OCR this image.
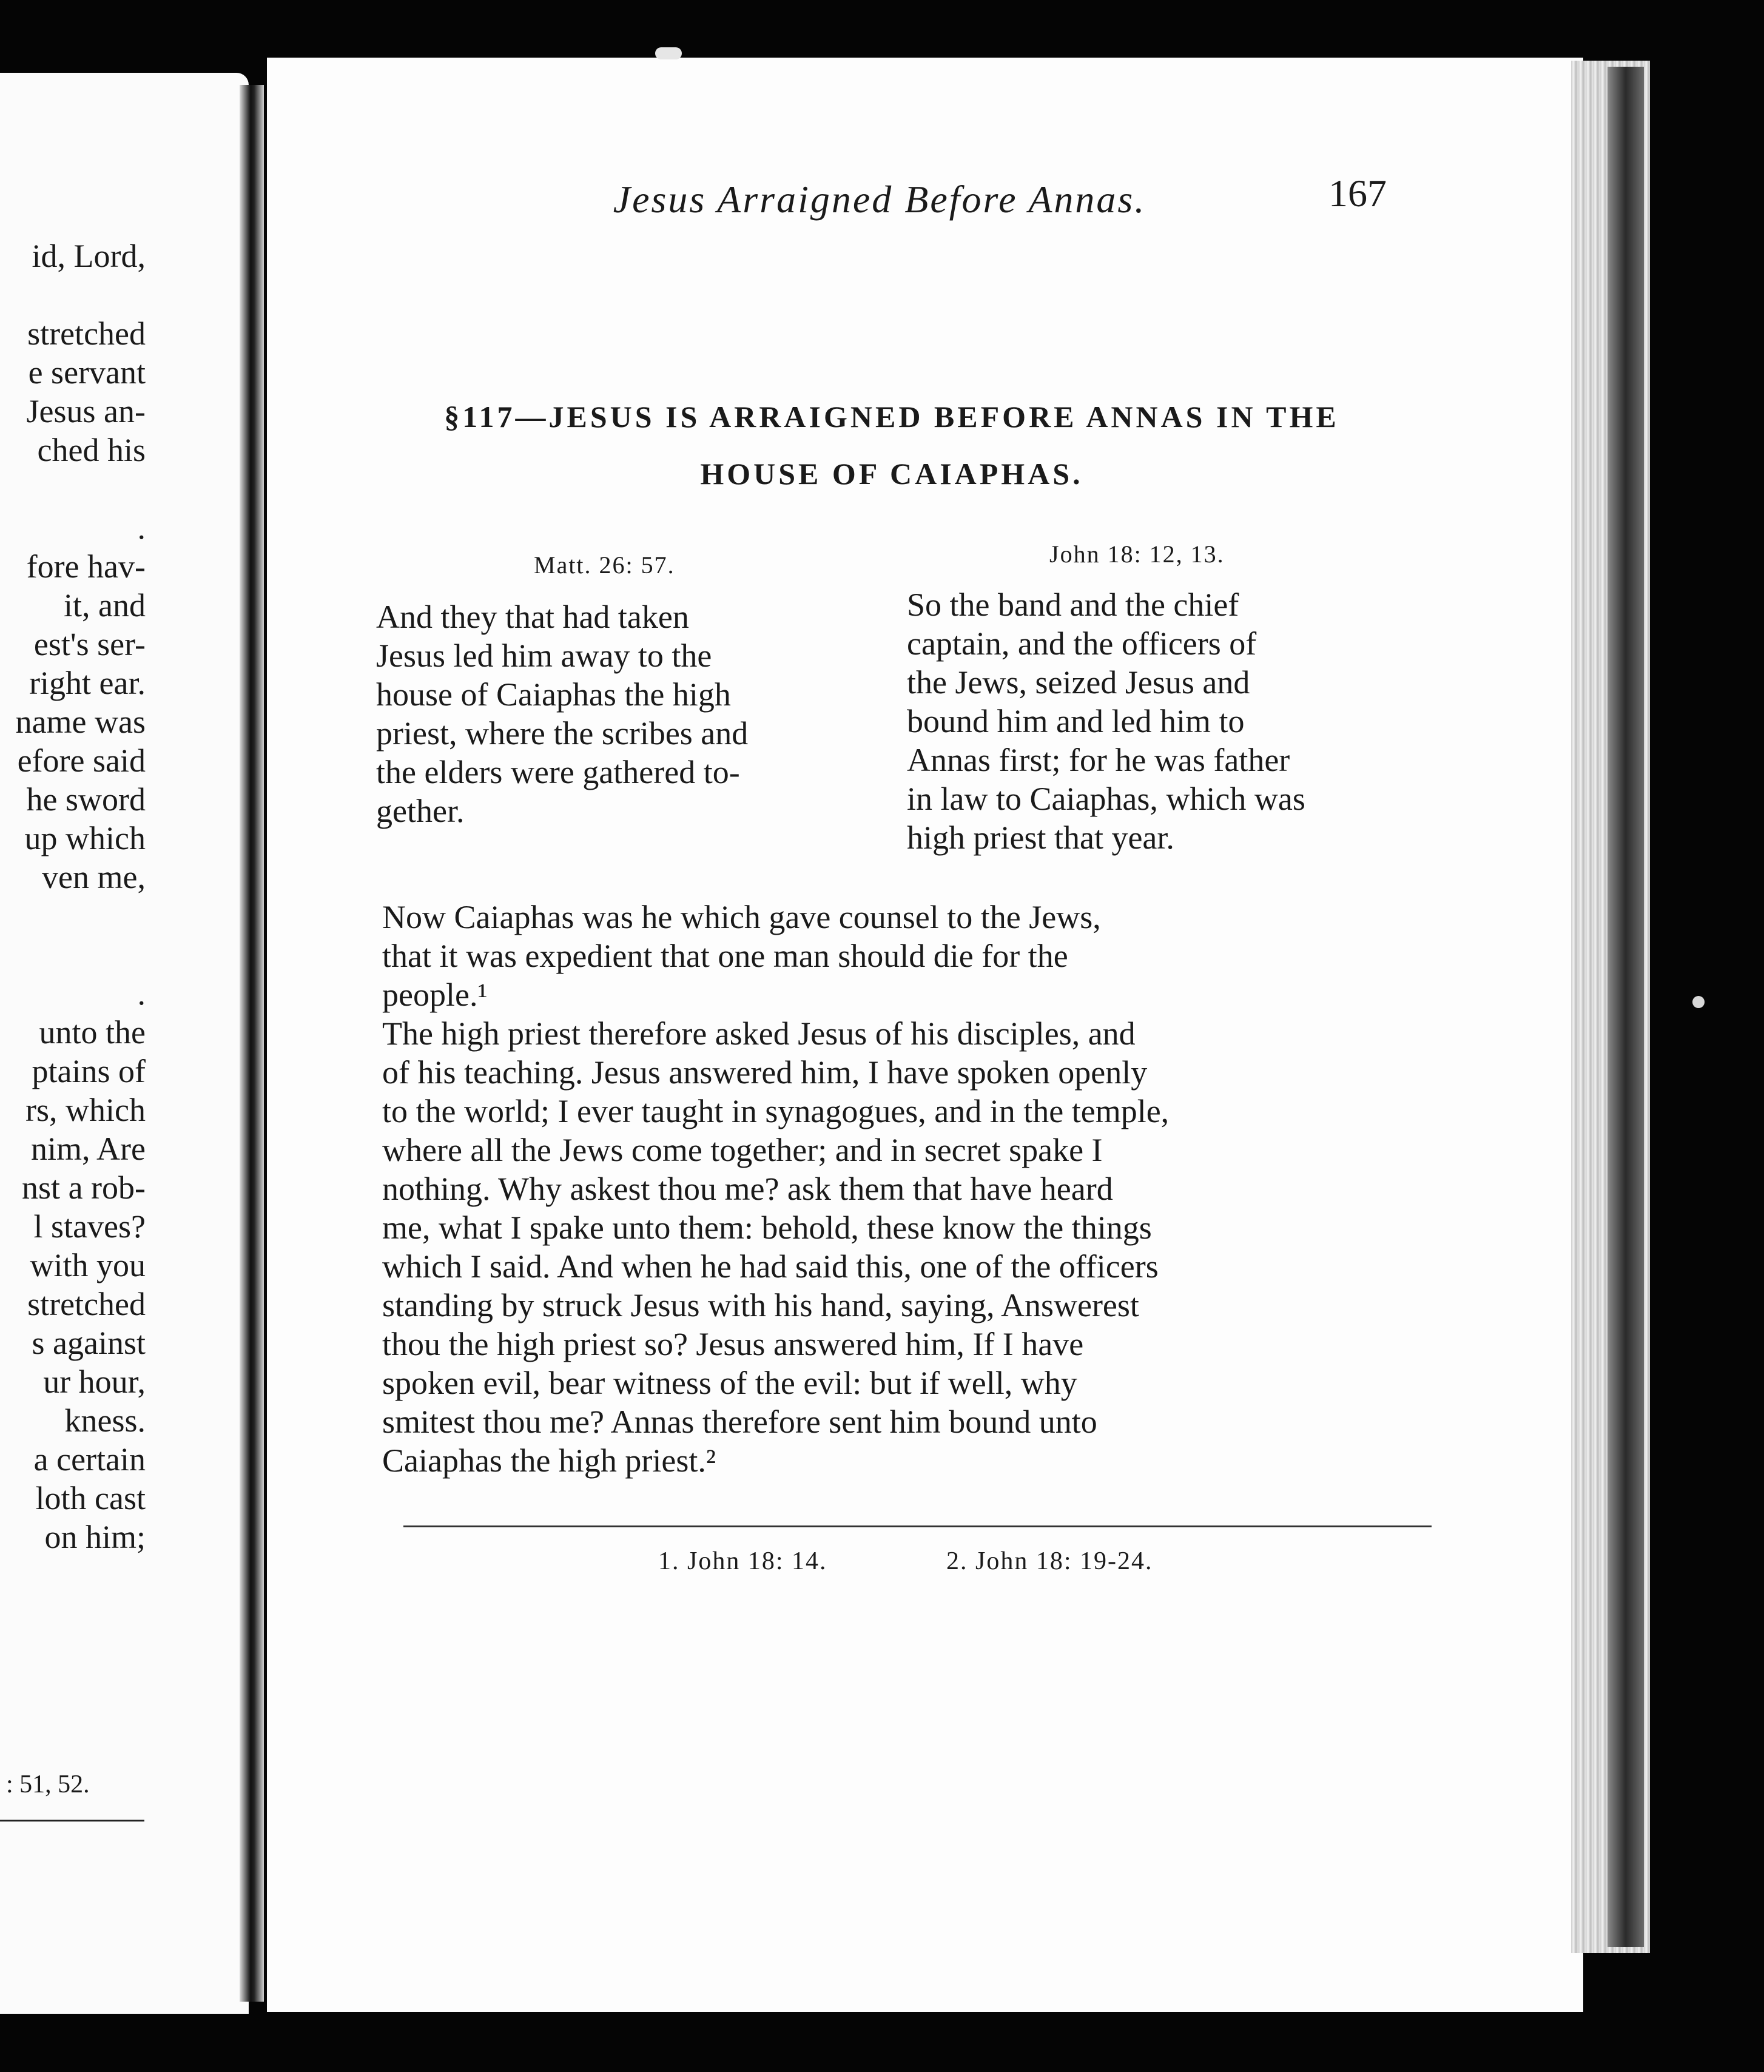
id, Lord,
stretched
e servant
Jesus an-
ched his
.
fore hav-
it, and
est's ser-
right ear.
name was
efore said
he sword
up which
ven me,
.
unto the
ptains of
rs, which
nim, Are
nst a rob-
l staves?
with you
stretched
s against
ur hour,
kness.
a certain
loth cast
on him;
: 51, 52.
Jesus Arraigned Before Annas.	167
§117—JESUS IS ARRAIGNED BEFORE ANNAS IN THE
HOUSE OF CAIAPHAS.
Matt. 26: 57.	John 18: 12, 13.
And they that had taken
Jesus led him away to the
house of Caiaphas the high
priest, where the scribes and
the elders were gathered to-
gether.
So the band and the chief
captain, and the officers of
the Jews, seized Jesus and
bound him and led him to
Annas first; for he was father
in law to Caiaphas, which was
high priest that year.
Now Caiaphas was he which gave counsel to the Jews,
that it was expedient that one man should die for the
people.¹
The high priest therefore asked Jesus of his disciples, and
of his teaching. Jesus answered him, I have spoken openly
to the world; I ever taught in synagogues, and in the temple,
where all the Jews come together; and in secret spake I
nothing. Why askest thou me? ask them that have heard
me, what I spake unto them: behold, these know the things
which I said. And when he had said this, one of the officers
standing by struck Jesus with his hand, saying, Answerest
thou the high priest so? Jesus answered him, If I have
spoken evil, bear witness of the evil: but if well, why
smitest thou me? Annas therefore sent him bound unto
Caiaphas the high priest.²
1. John 18: 14.	2. John 18: 19-24.
